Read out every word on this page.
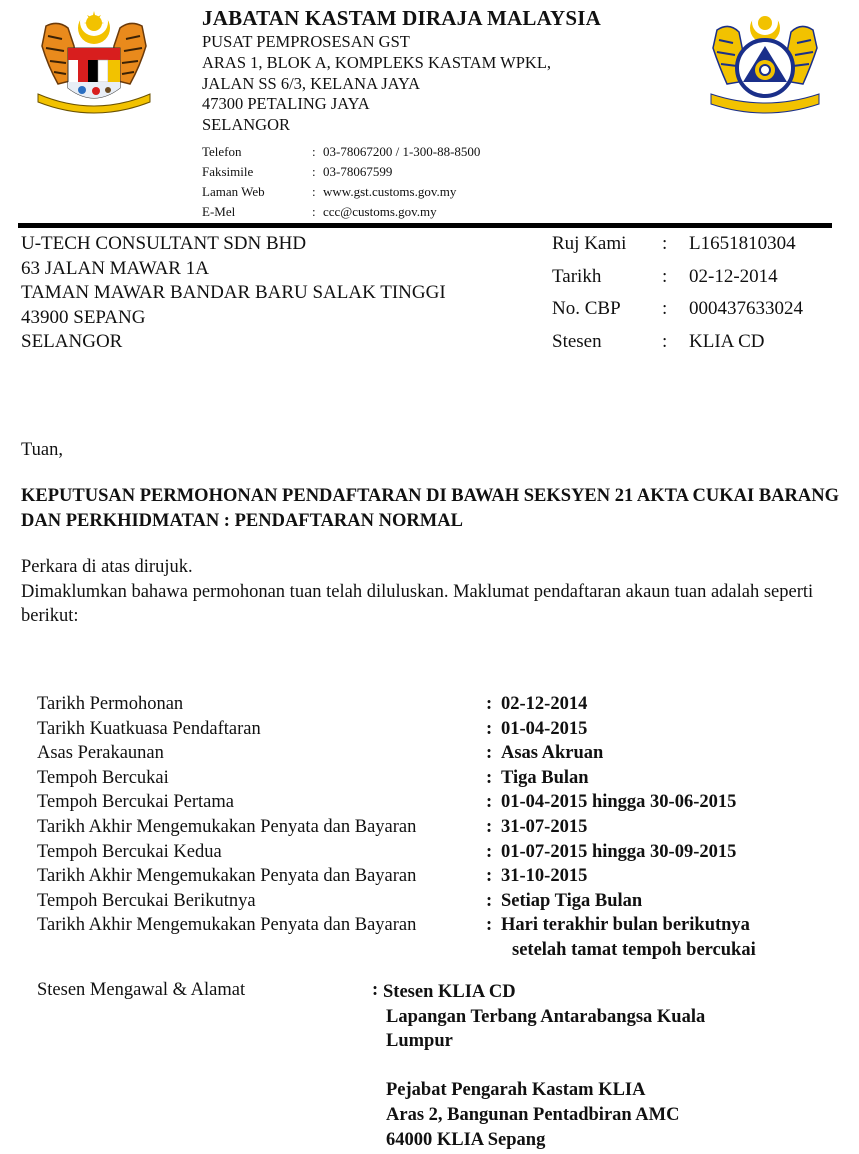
JABATAN KASTAM DIRAJA MALAYSIA
PUSAT PEMPROSESAN GST
ARAS 1, BLOK A, KOMPLEKS KASTAM WPKL,
JALAN SS 6/3, KELANA JAYA
47300 PETALING JAYA
SELANGOR
Telefon	: 03-78067200 / 1-300-88-8500
Faksimile	: 03-78067599
Laman Web	: www.gst.customs.gov.my
E-Mel	: ccc@customs.gov.my
U-TECH CONSULTANT SDN BHD
63 JALAN MAWAR 1A
TAMAN MAWAR BANDAR BARU SALAK TINGGI
43900 SEPANG
SELANGOR
Ruj Kami	:	L1651810304
Tarikh	:	02-12-2014
No. CBP	:	000437633024
Stesen	:	KLIA CD
Tuan,
KEPUTUSAN PERMOHONAN PENDAFTARAN DI BAWAH SEKSYEN 21 AKTA CUKAI BARANG DAN PERKHIDMATAN : PENDAFTARAN NORMAL
Perkara di atas dirujuk.
Dimaklumkan bahawa permohonan tuan telah diluluskan. Maklumat pendaftaran akaun tuan adalah seperti berikut:
Tarikh Permohonan	: 02-12-2014
Tarikh Kuatkuasa Pendaftaran	: 01-04-2015
Asas Perakaunan	: Asas Akruan
Tempoh Bercukai	: Tiga Bulan
Tempoh Bercukai Pertama	: 01-04-2015 hingga 30-06-2015
Tarikh Akhir Mengemukakan Penyata dan Bayaran	: 31-07-2015
Tempoh Bercukai Kedua	: 01-07-2015 hingga 30-09-2015
Tarikh Akhir Mengemukakan Penyata dan Bayaran	: 31-10-2015
Tempoh Bercukai Berikutnya	: Setiap Tiga Bulan
Tarikh Akhir Mengemukakan Penyata dan Bayaran	: Hari terakhir bulan berikutnya
setelah tamat tempoh bercukai
Stesen Mengawal & Alamat	: Stesen KLIA CD
Lapangan Terbang Antarabangsa Kuala
Lumpur
Pejabat Pengarah Kastam KLIA
Aras 2, Bangunan Pentadbiran AMC
64000 KLIA Sepang
